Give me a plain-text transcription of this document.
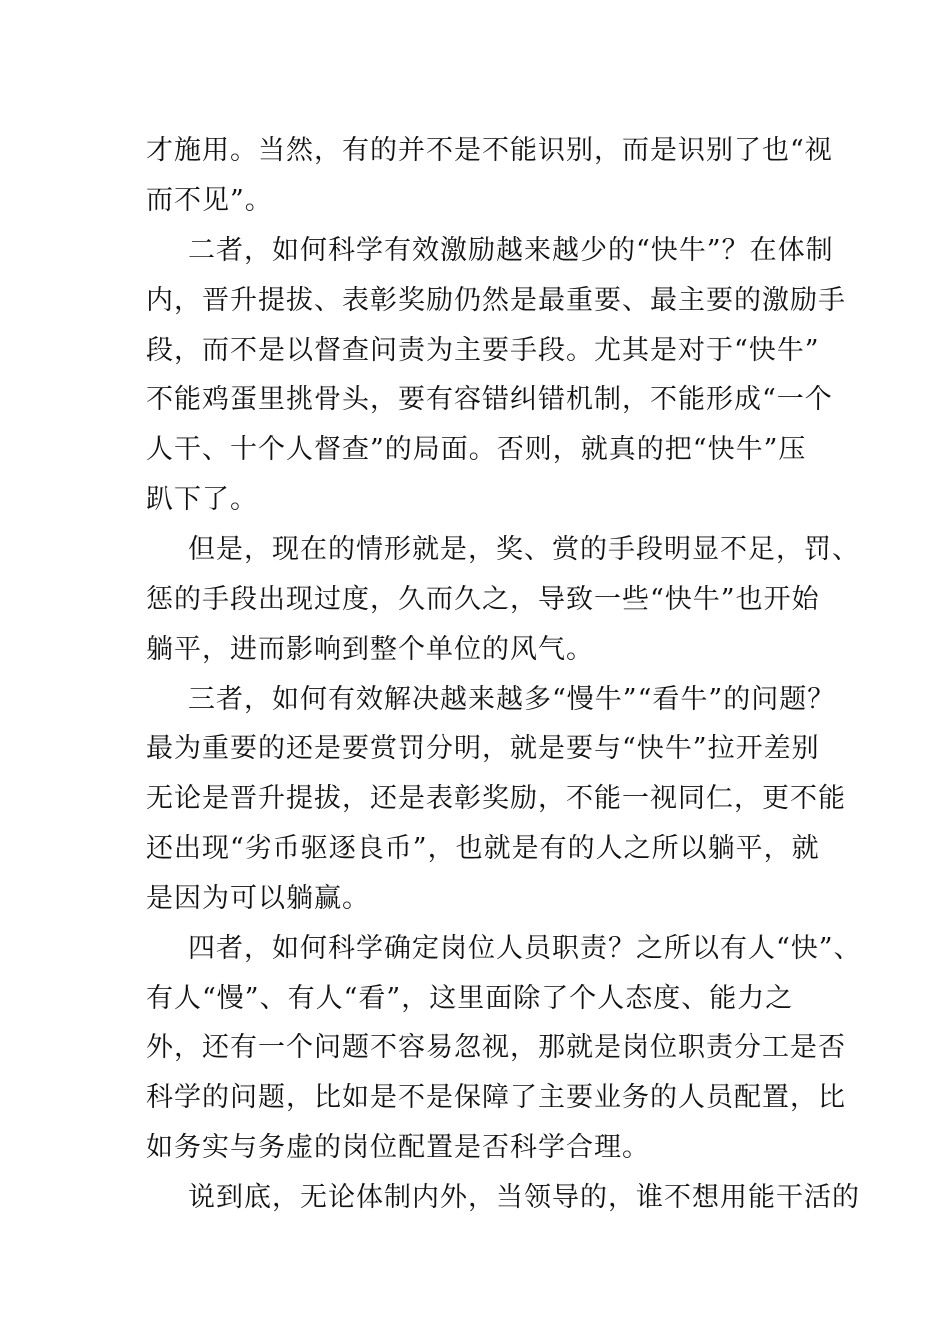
才施用。当然，有的并不是不能识别，而是识别了也“视
而不见”。
二者，如何科学有效激励越来越少的“快牛”？在体制
内，晋升提拔、表彰奖励仍然是最重要、最主要的激励手
段，而不是以督查问责为主要手段。尤其是对于“快牛”
不能鸡蛋里挑骨头，要有容错纠错机制，不能形成“一个
人干、十个人督查”的局面。否则，就真的把“快牛”压
趴下了。
但是，现在的情形就是，奖、赏的手段明显不足，罚、
惩的手段出现过度，久而久之，导致一些“快牛”也开始
躺平，进而影响到整个单位的风气。
三者，如何有效解决越来越多“慢牛”“看牛”的问题？
最为重要的还是要赏罚分明，就是要与“快牛”拉开差别
无论是晋升提拔，还是表彰奖励，不能一视同仁，更不能
还出现“劣币驱逐良币”，也就是有的人之所以躺平，就
是因为可以躺赢。
四者，如何科学确定岗位人员职责？之所以有人“快”、
有人“慢”、有人“看”，这里面除了个人态度、能力之
外，还有一个问题不容易忽视，那就是岗位职责分工是否
科学的问题，比如是不是保障了主要业务的人员配置，比
如务实与务虚的岗位配置是否科学合理。
说到底，无论体制内外，当领导的，谁不想用能干活的
